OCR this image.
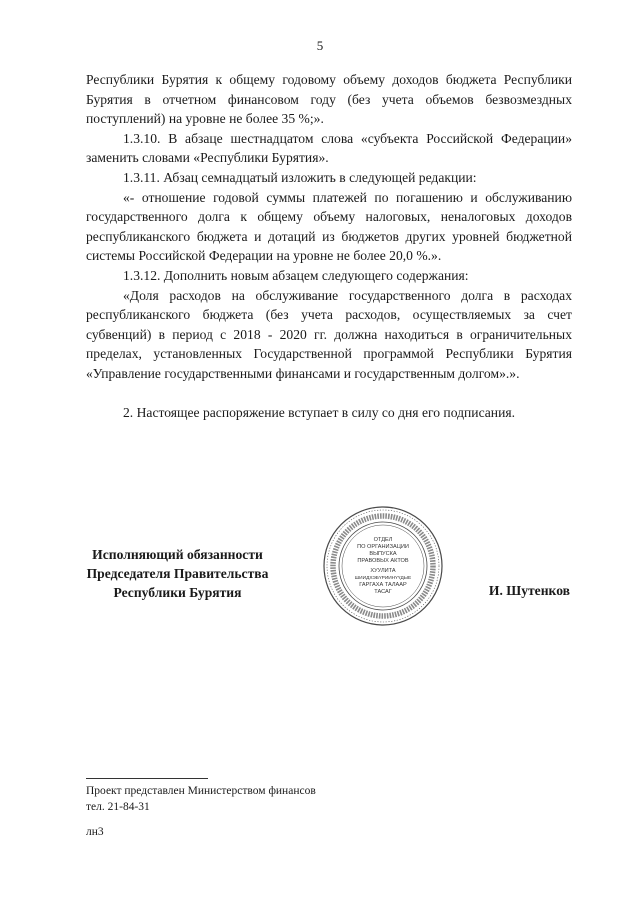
5

Республики Бурятия к общему годовому объему доходов бюджета Республики Бурятия в отчетном финансовом году (без учета объемов безвозмездных поступлений) на уровне не более 35 %;».

1.3.10. В абзаце шестнадцатом слова «субъекта Российской Федерации» заменить словами «Республики Бурятия».

1.3.11. Абзац семнадцатый изложить в следующей редакции:

«- отношение годовой суммы платежей по погашению и обслуживанию государственного долга к общему объему налоговых, неналоговых доходов республиканского бюджета и дотаций из бюджетов других уровней бюджетной системы Российской Федерации на уровне не более 20,0 %.».

1.3.12. Дополнить новым абзацем следующего содержания:

«Доля расходов на обслуживание государственного долга в расходах республиканского бюджета (без учета расходов, осуществляемых за счет субвенций) в период с 2018 - 2020 гг. должна находиться в ограничительных пределах, установленных Государственной программой Республики Бурятия «Управление государственными финансами и государственным долгом».».

2. Настоящее распоряжение вступает в силу со дня его подписания.

Исполняющий обязанности
Председателя Правительства
Республики Бурятия
ОТДЕЛ
ПО ОРГАНИЗАЦИИ
ВЫПУСКА
ПРАВОВЫХ АКТОВ
ХУУЛИТА
ШИИДХЭБҮРИИНҮҮДЫЕ
ГАРГАХА ТАЛААР
ТАСАГ	И. Шутенков
Проект представлен Министерством финансов
тел. 21-84-31
лн3
